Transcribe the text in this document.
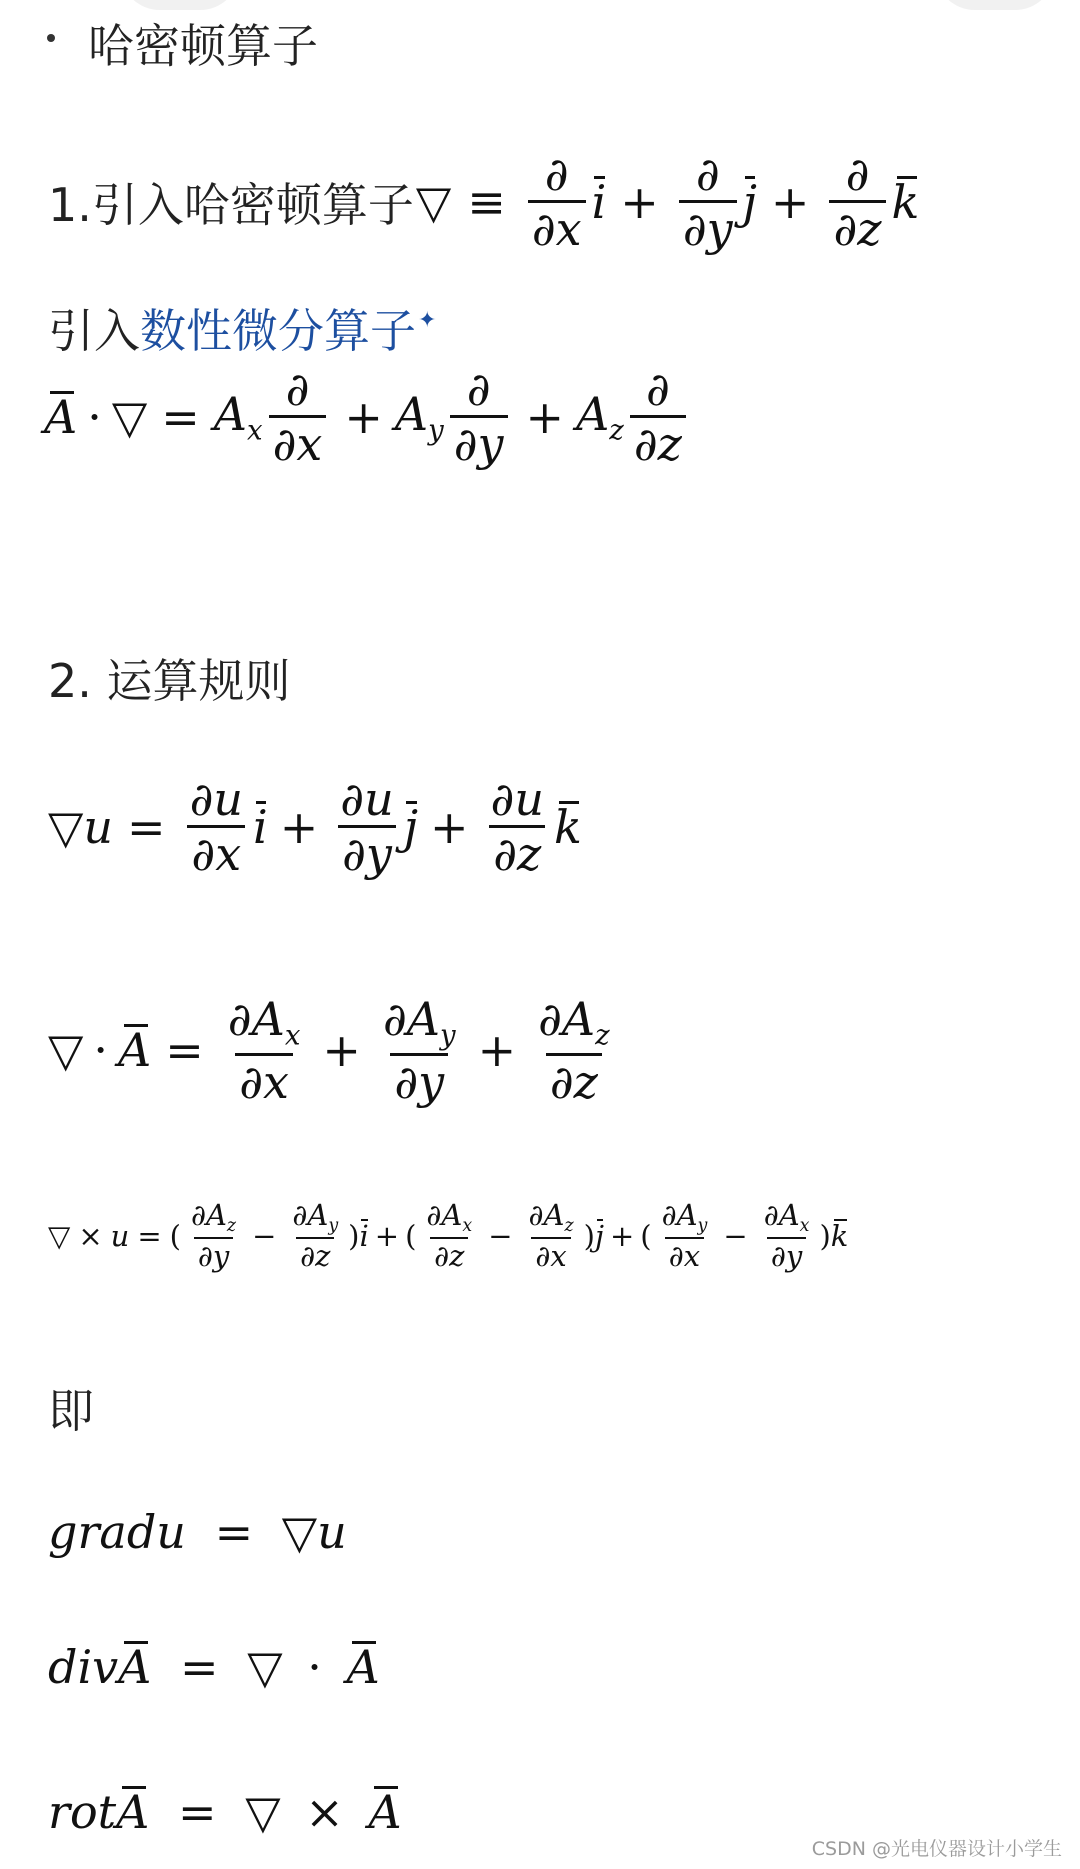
哈密顿算子
1.引入哈密顿算子 ▽ ≡ $\frac{\partial}{\partial x}$ $i + \frac{\partial}{\partial y}$ $j + \frac{\partial}{\partial z}$ k
引入数性微分算子✦
A · ▽ = $A_x \frac{\partial}{\partial x} + A_y \frac{\partial}{\partial y} + A_z \frac{\partial}{\partial z}$
2. 运算规则
▽ $u = \frac{\partial u}{\partial x}$ $i + \frac{\partial u}{\partial y}$ $j + \frac{\partial u}{\partial z}$ k
▽ · $A = \frac{\partial A_x}{\partial x} + \frac{\partial A_y}{\partial y} + \frac{\partial A_z}{\partial z}$
▽ × u = ( $\frac{\partial A_z}{\partial y} - \frac{\partial A_y}{\partial z}$ ) i + ( $\frac{\partial A_x}{\partial z} - \frac{\partial A_z}{\partial x}$ ) j + ( $\frac{\partial A_y}{\partial x} - \frac{\partial A_x}{\partial y}$ ) k
即
gradu = ▽u
divA = ▽ · A
rotA = ▽ × A
CSDN @光电仪器设计小学生
